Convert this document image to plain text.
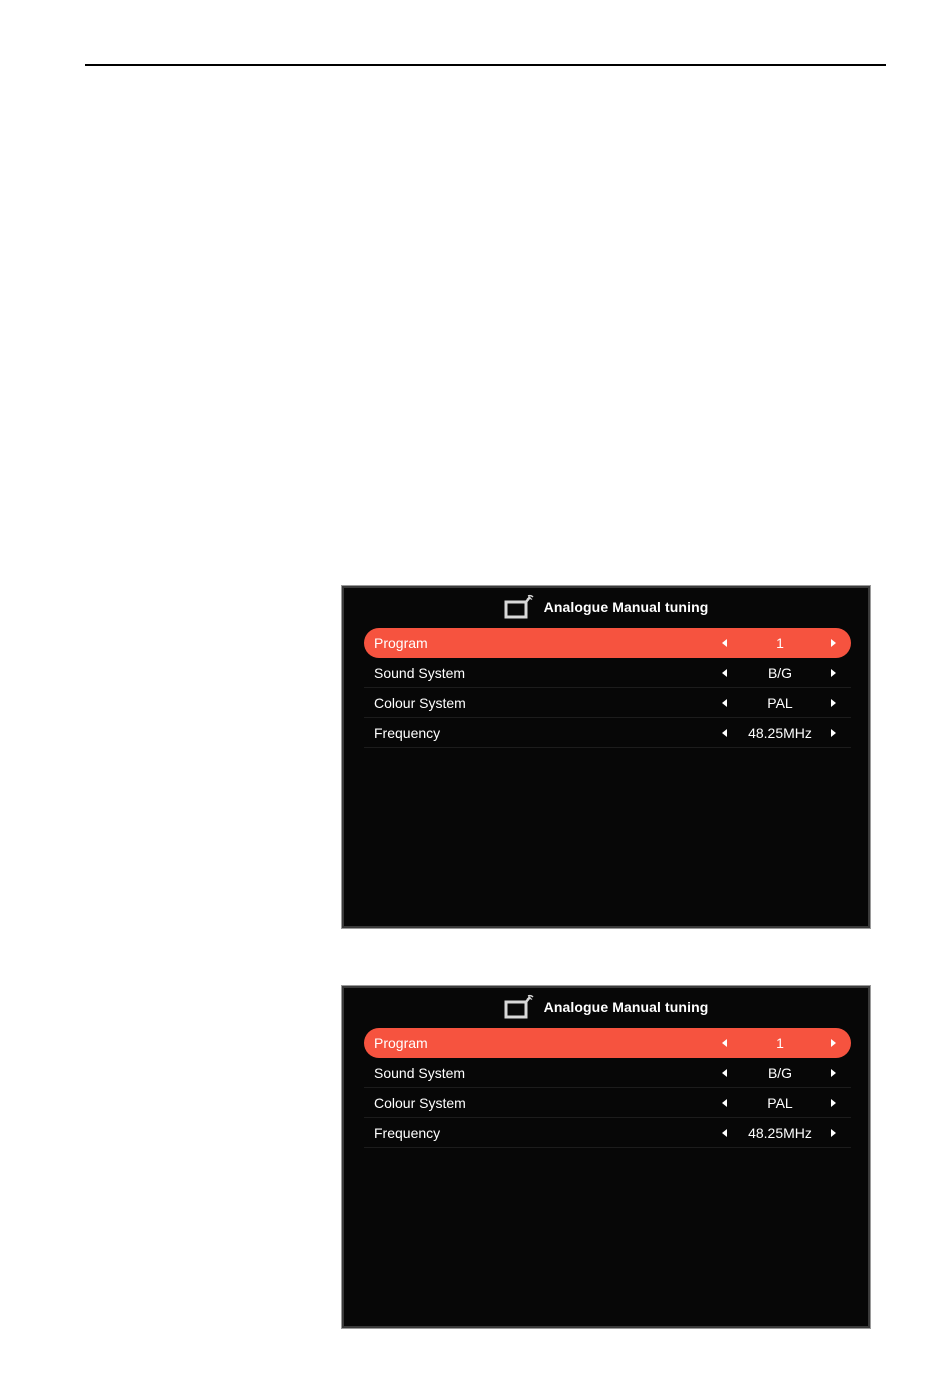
Analogue Manual tuning
Program	1
Sound System	B/G
Colour System	PAL
Frequency	48.25MHz
Analogue Manual tuning
Program	1
Sound System	B/G
Colour System	PAL
Frequency	48.25MHz
